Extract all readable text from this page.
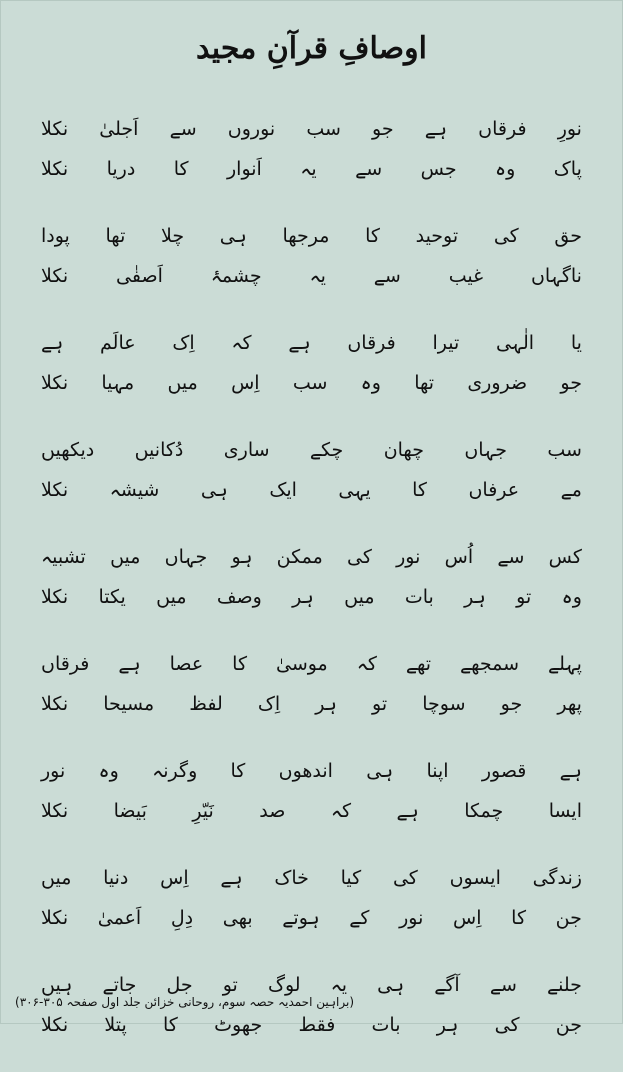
اوصافِ قرآنِ مجید
نورِ
فرقاں
ہے
جو
سب
نوروں
سے
اَجلیٰ
نکلا
پاک
وہ
جس
سے
یہ
اَنوار
کا
دریا
نکلا
حق
کی
توحید
کا
مرجھا
ہی
چلا
تھا
پودا
ناگہاں
غیب
سے
یہ
چشمۂ
اَصفٰی
نکلا
یا
الٰہی
تیرا
فرقاں
ہے
کہ
اِک
عالَم
ہے
جو
ضروری
تھا
وہ
سب
اِس
میں
مہیا
نکلا
سب
جہاں
چھان
چکے
ساری
دُکانیں
دیکھیں
مے
عرفاں
کا
یہی
ایک
ہی
شیشہ
نکلا
کس
سے
اُس
نور
کی
ممکن
ہو
جہاں
میں
تشبیہ
وہ
تو
ہر
بات
میں
ہر
وصف
میں
یکتا
نکلا
پہلے
سمجھے
تھے
کہ
موسیٰ
کا
عصا
ہے
فرقاں
پھر
جو
سوچا
تو
ہر
اِک
لفظ
مسیحا
نکلا
ہے
قصور
اپنا
ہی
اندھوں
کا
وگرنہ
وہ
نور
ایسا
چمکا
ہے
کہ
صد
نَیّرِ
بَیضا
نکلا
زندگی
ایسوں
کی
کیا
خاک
ہے
اِس
دنیا
میں
جن
کا
اِس
نور
کے
ہوتے
بھی
دِلِ
اَعمیٰ
نکلا
جلنے
سے
آگے
ہی
یہ
لوگ
تو
جل
جاتے
ہیں
جن
کی
ہر
بات
فقط
جھوٹ
کا
پتلا
نکلا
(براہین احمدیہ حصہ سوم، روحانی خزائن جلد اول صفحہ ۳۰۵-۳۰۶)
